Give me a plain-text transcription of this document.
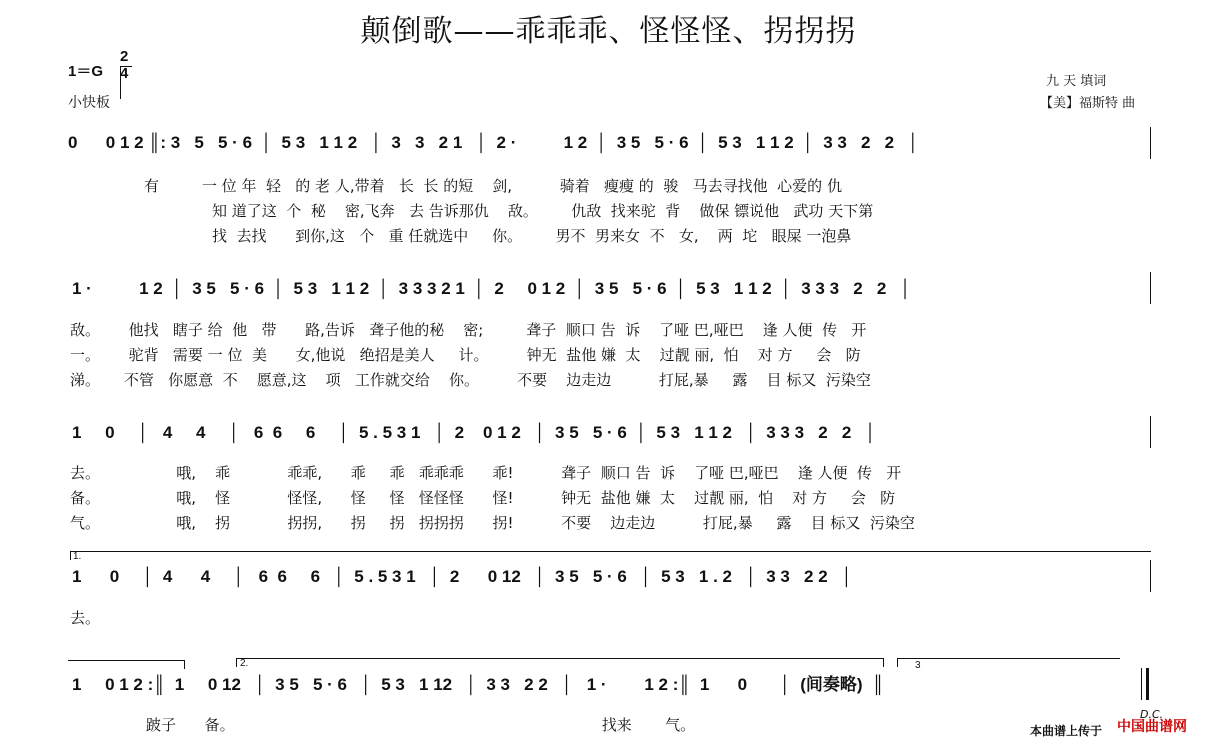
颠倒歌——乖乖乖、怪怪怪、拐拐拐
1＝G
2
4
小快板
九 天 填词
【美】福斯特 曲
0      0 1 2 ║: 3   5   5 · 6  │  5 3   1 1 2   │  3   3   2 1   │  2 ·          1 2  │  3 5   5 · 6  │  5 3   1 1 2  │  3 3   2   2   │
有         一 位 年  轻   的 老 人,带着   长  长 的短    剑,          骑着   瘦瘦 的  骏   马去寻找他  心爱的 仇
知 道了这  个  秘    密,飞奔   去 告诉那仇    敌。       仇敌  找来驼  背    做保 镖说他   武功 天下第
找  去找      到你,这   个   重 任就选中     你。       男不  男来女  不   女,    两  坨   眼屎 一泡鼻
1 ·          1 2  │  3 5   5 · 6  │  5 3   1 1 2  │  3 3 3 2 1  │  2     0 1 2  │  3 5   5 · 6  │  5 3   1 1 2  │  3 3 3   2   2   │
敌。      他找   瞎子 给  他   带      路,告诉   聋子他的秘    密;         聋子  顺口 告  诉    了哑 巴,哑巴    逢 人便  传   开
一。      驼背   需要 一 位  美      女,他说   绝招是美人     计。        钟无  盐他 嫌  太    过靓 丽,  怕    对 方     会   防
涕。     不管   你愿意  不    愿意,这    项   工作就交给    你。        不要    边走边          打屁,暴     露    目 标又  污染空
1     0     │   4     4     │   6  6     6     │  5 . 5 3 1   │  2    0 1 2   │  3 5   5 · 6  │  5 3   1 1 2   │  3 3 3   2   2   │
去。                哦,    乖            乖乖,      乖     乖   乖乖乖      乖!          聋子  顺口 告  诉    了哑 巴,哑巴    逢 人便  传   开
备。                哦,    怪            怪怪,      怪     怪   怪怪怪      怪!          钟无  盐他 嫌  太    过靓 丽,  怕    对 方     会   防
气。                哦,    拐            拐拐,      拐     拐   拐拐拐      拐!          不要    边走边          打屁,暴     露    目 标又  污染空
1.
1      0     │  4      4     │   6  6     6   │  5 . 5 3 1   │  2      0 12   │  3 5   5 · 6   │  5 3   1 . 2   │  3 3   2 2   │
去。
2.	3
1     0 1 2 :║  1     0 12   │  3 5   5 · 6   │  5 3   1 12   │  3 3   2 2   │   1 ·        1 2 :║  1      0       │  (间奏略)  ║
跛子      备。                                                                             找来       气。
D.C.
本曲谱上传于 中国曲谱网
